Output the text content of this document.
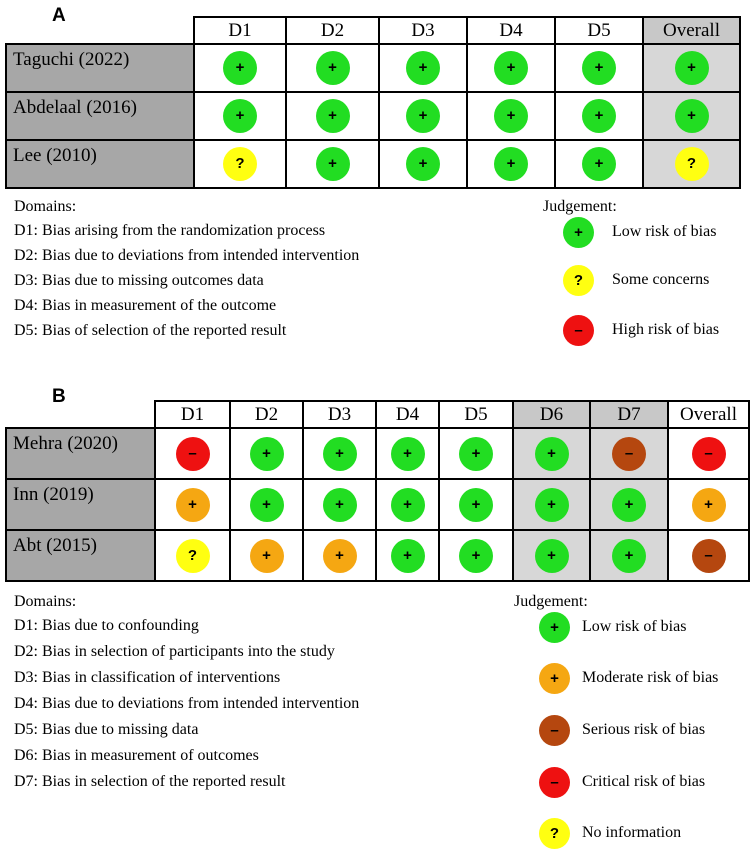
A
	D1	D2	D3	D4	D5	Overall
Taguchi (2022)	+	+	+	+	+	+
Abdelaal (2016)	+	+	+	+	+	+
Lee (2010)	?	+	+	+	+	?
Domains:
D1: Bias arising from the randomization process
D2: Bias due to deviations from intended intervention
D3: Bias due to missing outcomes data
D4: Bias in measurement of the outcome
D5: Bias of selection of the reported result
Judgement:
+	Low risk of bias
?	Some concerns
–	High risk of bias
B
	D1	D2	D3	D4	D5	D6	D7	Overall
Mehra (2020)	–	+	+	+	+	+	–	–
Inn (2019)	+	+	+	+	+	+	+	+
Abt (2015)	?	+	+	+	+	+	+	–
Domains:
D1: Bias due to confounding
D2: Bias in selection of participants into the study
D3: Bias in classification of interventions
D4: Bias due to deviations from intended intervention
D5: Bias due to missing data
D6: Bias in measurement of outcomes
D7: Bias in selection of the reported result
Judgement:
+	Low risk of bias
+	Moderate risk of bias
–	Serious risk of bias
–	Critical risk of bias
?	No information
